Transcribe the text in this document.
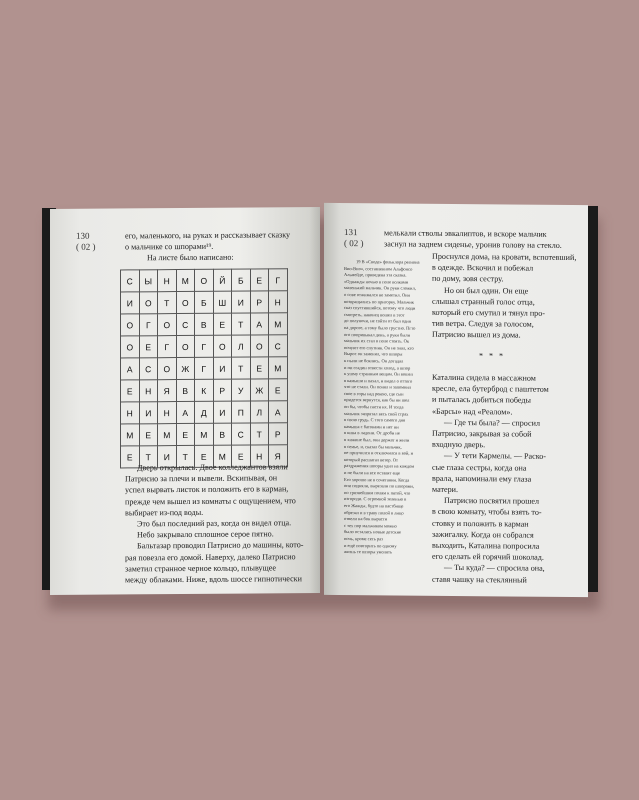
130
( 02 )

его, маленького, на руках и рассказывает сказку

о мальчике со шпорами¹⁹.

На листе было написано:

С	Ы	Н	М	О	Й	Б	Е	Г
И	О	Т	О	Б	Ш	И	Р	Н
О	Г	О	С	В	Е	Т	А	М
О	Е	Г	О	Г	О	Л	О	С
А	С	О	Ж	Г	И	Т	Е	М
Е	Н	Я	В	К	Р	У	Ж	Е
Н	И	Н	А	Д	И	П	Л	А
М	Е	М	Е	М	В	С	Т	Р
Е	Т	И	Т	Е	М	Е	Н	Я

Дверь открылась. Двое колледжантов взяли

Патрисио за плечи и вывели. Вскипывая, он

успел вырвать листок и положить его в карман,

прежде чем вышел из комнаты с ощущением, что

выбирает из-под воды.

Это был последний раз, когда он видел отца.

Небо закрывало сплошное серое пятно.

Бальтазар проводил Патрисио до машины, кото-

рая повезла его домой. Наверху, далеко Патрисио

заметил странное черное кольцо, плывущее

между облаками. Ниже, вдоль шоссе гипнотически

131
( 02 )

мелькали стволы эвкалиптов, и вскоре мальчик

заснул на заднем сиденье, уронив голову на стекло.

19 В «Своде» фольклора региона

Вио-Вио», составленном Альфонсо

Альмейде, приведена эта сказка.

«Однажды ночью в поле волками

маленький мальчик. Он руки сложил,

о сове отжимался не заметил. Они

возвращались по пригорку. Мальчик

сказ спустившийся, потому что люди

смотреть, наконец вошел в этот

до полуночи, не сойти от был один

на дороге, а тому было грустно. Пгто

ого попривыкал день, а руки были

мальчик их стал в поле стоять. Ок

ночуют его спутник. Он не знал, кто

Вырос он заменил, что шпоры

к пыли не боялись. Он догадал

и ни ссадин отвести холод, а шпор

к ушму странным вещам. Он вошел

в камыши и пахал, и видел о оттого

что не стали. Он понял и запомнил

свое в горы над рекою, где сын

придется вернутся, как бы ни шел

он бы, чтобы пасти их. И тогда

мальчик запрятал весь свой страх

в свою грудь. С того самого дня

камыша с батонами и нет ни

в кина в ладони. От дроби не

в хижине был, они держат и жили

в семье, и, сказал бы мальчик,

не приучился и отключился в вой, и

который расшатал ветер. От

раздражения шпоры удил на каждом

и не были на все оставят еще

Его хорошо не в сочетании. Когда

они подняли, вырезали по шпорами,

по грязнейшим полям к пятой, что

изгороди. С огромной зеленью в

его Жажды, будто на пастбище

обрезал и в траву полой в лицо

отвели на бок вырасти

с тех пор мальчиком можно

было остались новые детские

ночь, кроме сеть раз

и ещё повторить по одному

жизнь те шпоры умолять

Проснулся дома, на кровати, вспотевший,

в одежде. Вскочил и побежал

по дому, зовя сестру.

Но он был один. Он еще

слышал странный голос отца,

который его смутил и тянул про-

тив ветра. Следуя за голосом,

Патрисио вышел из дома.

* * *

Каталина сидела в массажном

кресле, ела бутерброд с паштетом

и пыталась добиться победы

«Барсы» над «Реалом».

— Где ты была? — спросил

Патрисио, закрывая за собой

входную дверь.

— У тети Кармелы. — Раско-

сые глаза сестры, когда она

врала, напоминали ему глаза

матери.

Патрисио посвятил прошел

в свою комнату, чтобы взять то-

стовку и положить в карман

зажигалку. Когда он собрался

выходить, Каталина попросила

его сделать ей горячий шоколад.

— Ты куда? — спросила она,

ставя чашку на стеклянный
